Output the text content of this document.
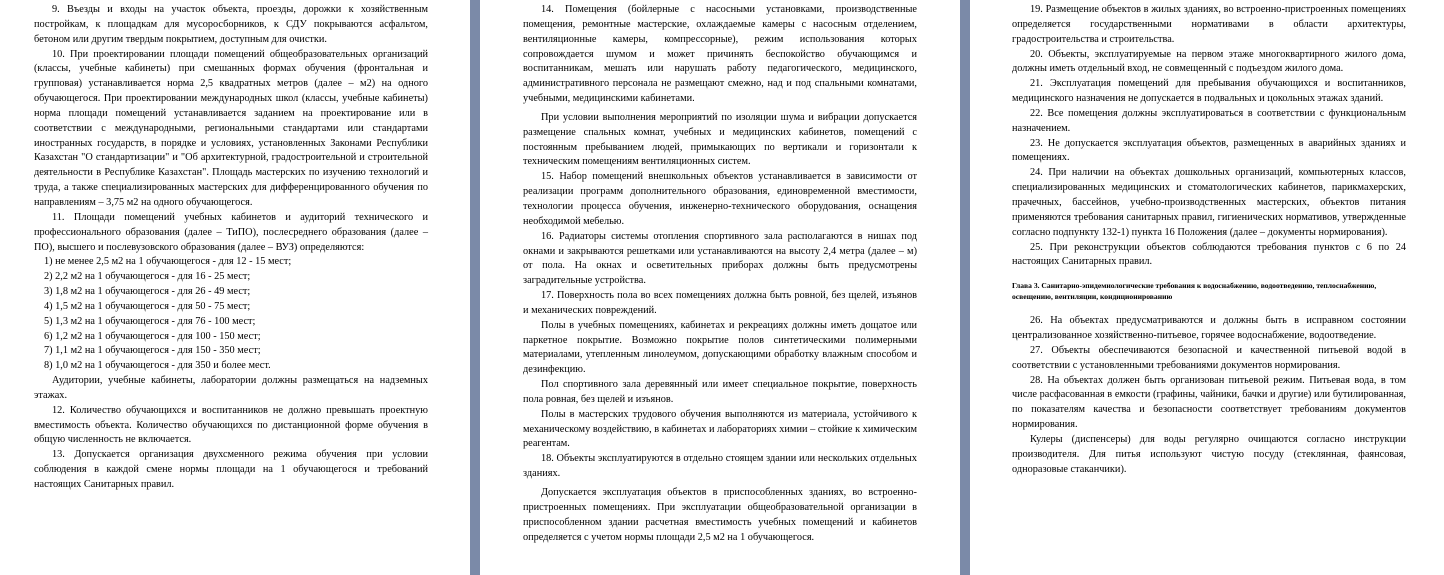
9. Въезды и входы на участок объекта, проезды, дорожки к хозяйственным постройкам, к площадкам для мусоросборников, к СДУ покрываются асфальтом, бетоном или другим твердым покрытием, доступным для очистки.

10. При проектировании площади помещений общеобразовательных организаций (классы, учебные кабинеты) при смешанных формах обучения (фронтальная и групповая) устанавливается норма 2,5 квадратных метров (далее – м2) на одного обучающегося. При проектировании международных школ (классы, учебные кабинеты) норма площади помещений устанавливается заданием на проектирование или в соответствии с международными, региональными стандартами или стандартами иностранных государств, в порядке и условиях, установленных Законами Республики Казахстан "О стандартизации" и "Об архитектурной, градостроительной и строительной деятельности в Республике Казахстан". Площадь мастерских по изучению технологий и труда, а также специализированных мастерских для дифференцированного обучения по направлениям – 3,75 м2 на одного обучающегося.

11. Площади помещений учебных кабинетов и аудиторий технического и профессионального образования (далее – ТиПО), послесреднего образования (далее – ПО), высшего и послевузовского образования (далее – ВУЗ) определяются:

1) не менее 2,5 м2 на 1 обучающегося - для 12 - 15 мест;

2) 2,2 м2 на 1 обучающегося - для 16 - 25 мест;

3) 1,8 м2 на 1 обучающегося - для 26 - 49 мест;

4) 1,5 м2 на 1 обучающегося - для 50 - 75 мест;

5) 1,3 м2 на 1 обучающегося - для 76 - 100 мест;

6) 1,2 м2 на 1 обучающегося - для 100 - 150 мест;

7) 1,1 м2 на 1 обучающегося - для 150 - 350 мест;

8) 1,0 м2 на 1 обучающегося - для 350 и более мест.

Аудитории, учебные кабинеты, лаборатории должны размещаться на надземных этажах.

12. Количество обучающихся и воспитанников не должно превышать проектную вместимость объекта. Количество обучающихся по дистанционной форме обучения в общую численность не включается.

13. Допускается организация двухсменного режима обучения при условии соблюдения в каждой смене нормы площади на 1 обучающегося и требований настоящих Санитарных правил.

14. Помещения (бойлерные с насосными установками, производственные помещения, ремонтные мастерские, охлаждаемые камеры с насосным отделением, вентиляционные камеры, компрессорные), режим использования которых сопровождается шумом и может причинять беспокойство обучающимся и воспитанникам, мешать или нарушать работу педагогического, медицинского, административного персонала не размещают смежно, над и под спальными комнатами, учебными, медицинскими кабинетами.

При условии выполнения мероприятий по изоляции шума и вибрации допускается размещение спальных комнат, учебных и медицинских кабинетов, помещений с постоянным пребыванием людей, примыкающих по вертикали и горизонтали к техническим помещениям вентиляционных систем.

15. Набор помещений внешкольных объектов устанавливается в зависимости от реализации программ дополнительного образования, единовременной вместимости, технологии процесса обучения, инженерно-технического оборудования, оснащения необходимой мебелью.

16. Радиаторы системы отопления спортивного зала располагаются в нишах под окнами и закрываются решетками или устанавливаются на высоту 2,4 метра (далее – м) от пола. На окнах и осветительных приборах должны быть предусмотрены заградительные устройства.

17. Поверхность пола во всех помещениях должна быть ровной, без щелей, изъянов и механических повреждений.

Полы в учебных помещениях, кабинетах и рекреациях должны иметь дощатое или паркетное покрытие. Возможно покрытие полов синтетическими полимерными материалами, утепленным линолеумом, допускающими обработку влажным способом и дезинфекцию.

Пол спортивного зала деревянный или имеет специальное покрытие, поверхность пола ровная, без щелей и изъянов.

Полы в мастерских трудового обучения выполняются из материала, устойчивого к механическому воздействию, в кабинетах и лабораториях химии – стойкие к химическим реагентам.

18. Объекты эксплуатируются в отдельно стоящем здании или нескольких отдельных зданиях.

Допускается эксплуатация объектов в приспособленных зданиях, во встроенно-пристроенных помещениях. При эксплуатации общеобразовательной организации в приспособленном здании расчетная вместимость учебных помещений и кабинетов определяется с учетом нормы площади 2,5 м2 на 1 обучающегося.

19. Размещение объектов в жилых зданиях, во встроенно-пристроенных помещениях определяется государственными нормативами в области архитектуры, градостроительства и строительства.

20. Объекты, эксплуатируемые на первом этаже многоквартирного жилого дома, должны иметь отдельный вход, не совмещенный с подъездом жилого дома.

21. Эксплуатация помещений для пребывания обучающихся и воспитанников, медицинского назначения не допускается в подвальных и цокольных этажах зданий.

22. Все помещения должны эксплуатироваться в соответствии с функциональным назначением.

23. Не допускается эксплуатация объектов, размещенных в аварийных зданиях и помещениях.

24. При наличии на объектах дошкольных организаций, компьютерных классов, специализированных медицинских и стоматологических кабинетов, парикмахерских, прачечных, бассейнов, учебно-производственных мастерских, объектов питания применяются требования санитарных правил, гигиенических нормативов, утвержденные согласно подпункту 132-1) пункта 16 Положения (далее – документы нормирования).

25. При реконструкции объектов соблюдаются требования пунктов с 6 по 24 настоящих Санитарных правил.

Глава 3. Санитарно-эпидемиологические требования к водоснабжению, водоотведению, теплоснабжению, освещению, вентиляции, кондиционированию

26. На объектах предусматриваются и должны быть в исправном состоянии централизованное хозяйственно-питьевое, горячее водоснабжение, водоотведение.

27. Объекты обеспечиваются безопасной и качественной питьевой водой в соответствии с установленными требованиями документов нормирования.

28. На объектах должен быть организован питьевой режим. Питьевая вода, в том числе расфасованная в емкости (графины, чайники, бачки и другие) или бутилированная, по показателям качества и безопасности соответствует требованиям документов нормирования.

Кулеры (диспенсеры) для воды регулярно очищаются согласно инструкции производителя. Для питья используют чистую посуду (стеклянная, фаянсовая, одноразовые стаканчики).
